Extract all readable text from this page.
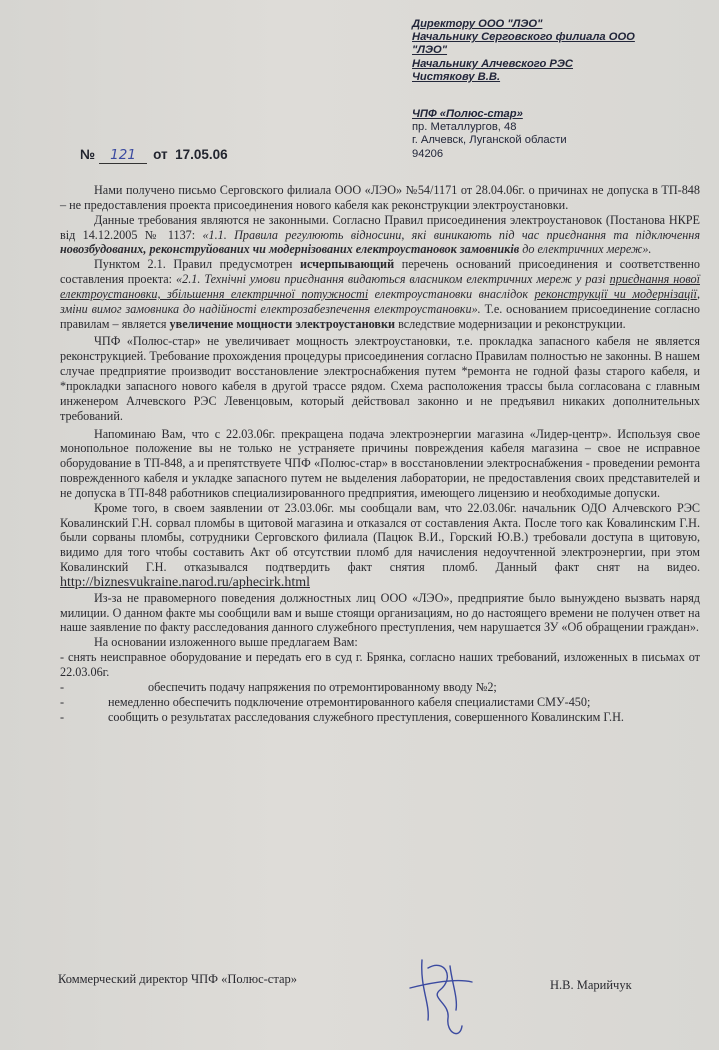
Директору ООО "ЛЭО"
Начальнику Серговского филиала ООО
"ЛЭО"
Начальнику Алчевского РЭС
Чистякову В.В.
ЧПФ «Полюс-стар»
пр. Металлургов, 48
г. Алчевск, Луганской области
94206
№ 121 от 17.05.06

Нами получено письмо Серговского филиала ООО «ЛЭО» №54/1171 от 28.04.06г. о причинах не допуска в ТП-848 – не предоставления проекта присоединения нового кабеля как реконструкции электроустановки.

Данные требования являются не законными. Согласно Правил присоединения электроустановок (Постанова НКРЕ від 14.12.2005 № 1137: «1.1. Правила регулюють відносини, які виникають під час приєднання та підключення новозбудованих, реконструйованих чи модернізованих електроустановок замовників до електричних мереж».

Пунктом 2.1. Правил предусмотрен исчерпывающий перечень оснований присоединения и соответственно составления проекта: «2.1. Технічні умови приєднання видаються власником електричних мереж у разі приєднання нової електроустановки, збільшення електричної потужності електроустановки внаслідок реконструкції чи модернізації, зміни вимог замовника до надійності електрозабезпечення електроустановки». Т.е. основанием присоединение согласно правилам – является увеличение мощности электроустановки вследствие модернизации и реконструкции.

ЧПФ «Полюс-стар» не увеличивает мощность электроустановки, т.е. прокладка запасного кабеля не является реконструкцией. Требование прохождения процедуры присоединения согласно Правилам полностью не законны. В нашем случае предприятие производит восстановление электроснабжения путем *ремонта не годной фазы старого кабеля, и *прокладки запасного нового кабеля в другой трассе рядом. Схема расположения трассы была согласована с главным инженером Алчевского РЭС Левенцовым, который действовал законно и не предъявил никаких дополнительных требований.

Напоминаю Вам, что с 22.03.06г. прекращена подача электроэнергии магазина «Лидер-центр». Используя свое монопольное положение вы не только не устраняете причины повреждения кабеля магазина – свое не исправное оборудование в ТП-848, а и препятствуете ЧПФ «Полюс-стар» в восстановлении электроснабжения - проведении ремонта поврежденного кабеля и укладке запасного путем не выделения лаборатории, не предоставления своих представителей и не допуска в ТП-848 работников специализированного предприятия, имеющего лицензию и необходимые допуски.

Кроме того, в своем заявлении от 23.03.06г. мы сообщали вам, что 22.03.06г. начальник ОДО Алчевского РЭС Ковалинский Г.Н. сорвал пломбы в щитовой магазина и отказался от составления Акта. После того как Ковалинским Г.Н. были сорваны пломбы, сотрудники Серговского филиала (Пацюк В.И., Горский Ю.В.) требовали доступа в щитовую, видимо для того чтобы составить Акт об отсутствии пломб для начисления недоучтенной электроэнергии, при этом Ковалинский Г.Н. отказывался подтвердить факт снятия пломб. Данный факт снят на видео. http://biznesvukraine.narod.ru/aphecirk.html

Из-за не правомерного поведения должностных лиц ООО «ЛЭО», предприятие было вынуждено вызвать наряд милиции. О данном факте мы сообщили вам и выше стоящи организациям, но до настоящего времени не получен ответ на наше заявление по факту расследования данного служебного преступления, чем нарушается ЗУ «Об обращении граждан».

На основании изложенного выше предлагаем Вам:

- снять неисправное оборудование и передать его в суд г. Брянка, согласно наших требований, изложенных в письмах от 22.03.06г.
-	обеспечить подачу напряжения по отремонтированному вводу №2;
-	немедленно обеспечить подключение отремонтированного кабеля специалистами СМУ-450;
-	сообщить о результатах расследования служебного преступления, совершенного Ковалинским Г.Н.
Коммерческий директор ЧПФ «Полюс-стар»	Н.В. Марийчук
